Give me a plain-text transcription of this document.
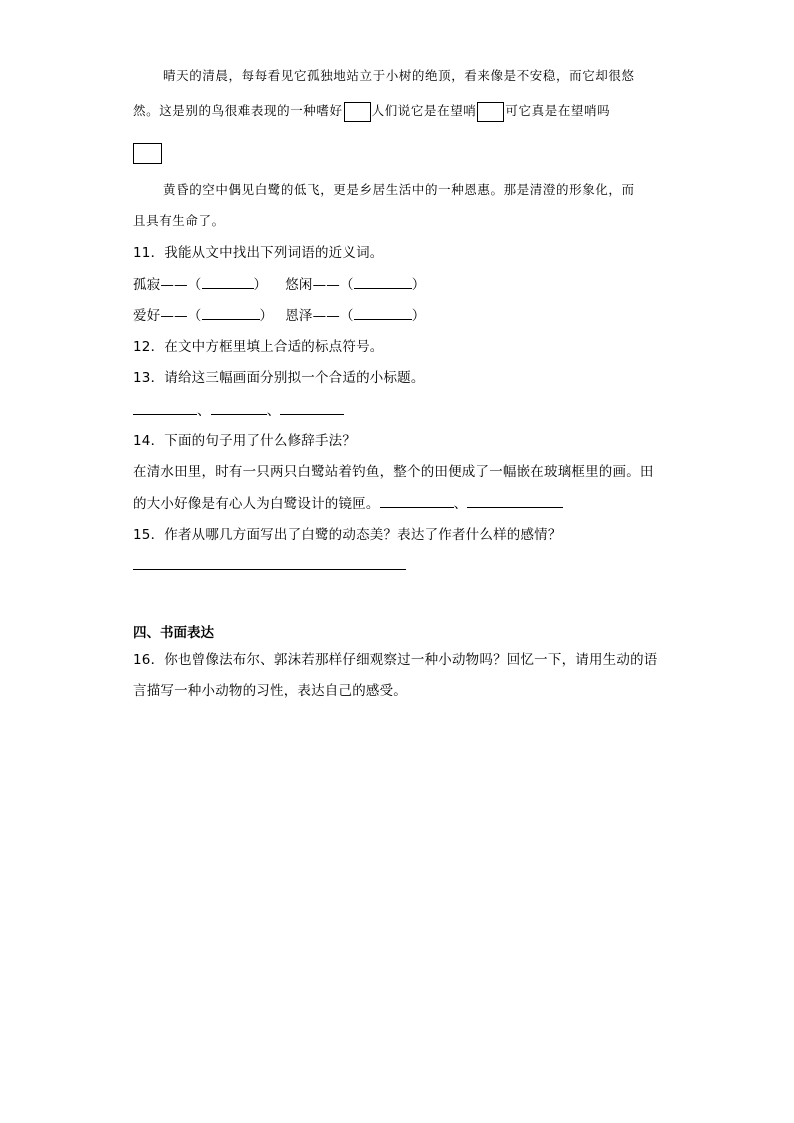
晴天的清晨，每每看见它孤独地站立于小树的绝顶，看来像是不安稳，而它却很悠
然。这是别的鸟很难表现的一种嗜好 人们说它是在望哨 可它真是在望哨吗
黄昏的空中偶见白鹭的低飞，更是乡居生活中的一种恩惠。那是清澄的形象化，而
且具有生命了。
11．我能从文中找出下列词语的近义词。
孤寂——（	） 悠闲——（	）
爱好——（	） 恩泽——（	）
12．在文中方框里填上合适的标点符号。
13．请给这三幅画面分别拟一个合适的小标题。
、	、
14．下面的句子用了什么修辞手法？
在清水田里，时有一只两只白鹭站着钓鱼，整个的田便成了一幅嵌在玻璃框里的画。田
的大小好像是有心人为白鹭设计的镜匣。	、
15．作者从哪几方面写出了白鹭的动态美？表达了作者什么样的感情？
四、书面表达
16．你也曾像法布尔、郭沫若那样仔细观察过一种小动物吗？回忆一下，请用生动的语
言描写一种小动物的习性，表达自己的感受。
